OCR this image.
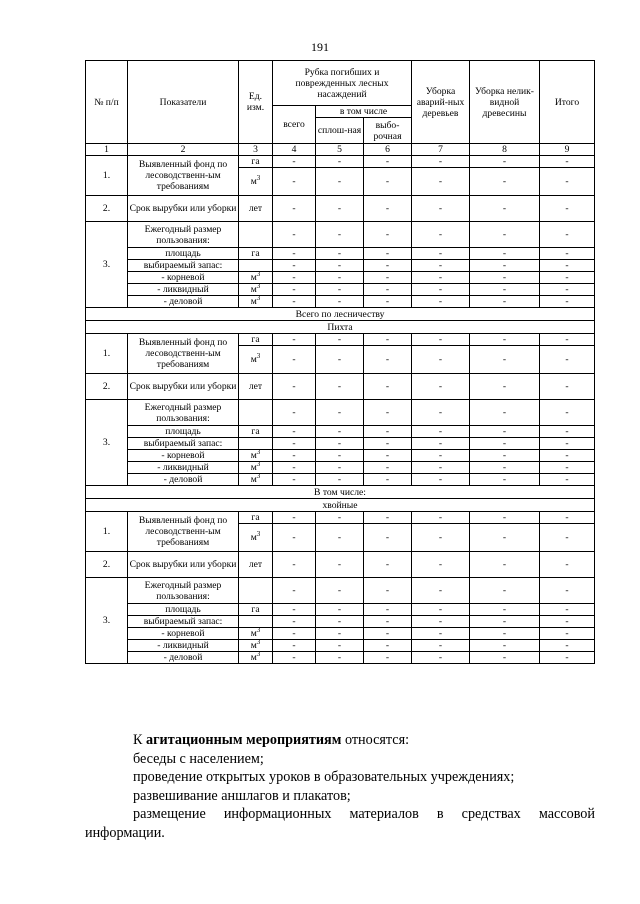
191
№ п/п	Показатели	Ед. изм.	Рубка погибших и поврежденных лесных насаждений			Уборка аварий-ных деревьев	Уборка нелик-видной древесины	Итого
			всего	в том числе				
				сплош-ная	выбо-рочная			
1	2	3	4	5	6	7	8	9
1.	Выявленный фонд по лесоводственн-ым требованиям	га	-	-	-	-	-	-
		$м^3$	-	-	-	-	-	-
2.	Срок вырубки или уборки	лет	-	-	-	-	-	-
3.	Ежегодный размер пользования:		-	-	-	-	-	-
	площадь	га	-	-	-	-	-	-
	выбираемый запас:		-	-	-	-	-	-
	- корневой	$м^3$	-	-	-	-	-	-
	- ликвидный	$м^3$	-	-	-	-	-	-
	- деловой	$м^3$	-	-	-	-	-	-
Всего по лесничеству								
Пихта								
1.	Выявленный фонд по лесоводственн-ым требованиям	га	-	-	-	-	-	-
		$м^3$	-	-	-	-	-	-
2.	Срок вырубки или уборки	лет	-	-	-	-	-	-
3.	Ежегодный размер пользования:		-	-	-	-	-	-
	площадь	га	-	-	-	-	-	-
	выбираемый запас:		-	-	-	-	-	-
	- корневой	$м^3$	-	-	-	-	-	-
	- ликвидный	$м^3$	-	-	-	-	-	-
	- деловой	$м^3$	-	-	-	-	-	-
В том числе:								
хвойные								
1.	Выявленный фонд по лесоводственн-ым требованиям	га	-	-	-	-	-	-
		$м^3$	-	-	-	-	-	-
2.	Срок вырубки или уборки	лет	-	-	-	-	-	-
3.	Ежегодный размер пользования:		-	-	-	-	-	-
	площадь	га	-	-	-	-	-	-
	выбираемый запас:		-	-	-	-	-	-
	- корневой	$м^3$	-	-	-	-	-	-
	- ликвидный	$м^3$	-	-	-	-	-	-
	- деловой	$м^3$	-	-	-	-	-	-

К агитационным мероприятиям относятся:

беседы с населением;

проведение открытых уроков в образовательных учреждениях;

развешивание аншлагов и плакатов;

размещение информационных материалов в средствах массовой

информации.
